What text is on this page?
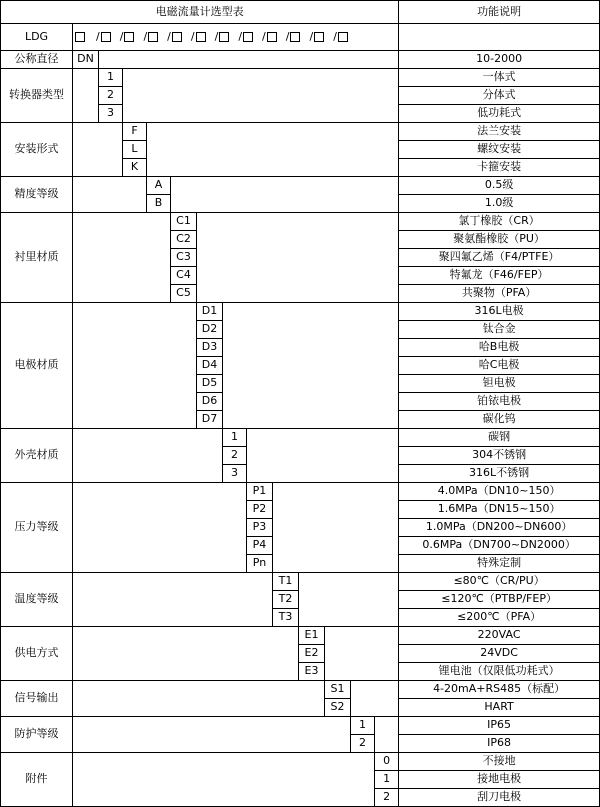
电磁流量计选型表														功能说明
LDG	/ / / / / / / / / / /

公称直径	DN													10-2000
转换器类型		1												一体式
		2												分体式
		3												低功耗式
安装形式			F											法兰安装
			L											螺纹安装
			K											卡箍安装
精度等级				A										0.5级
				B										1.0级
衬里材质					C1									氯丁橡胶（CR）
					C2									聚氨酯橡胶（PU）
					C3									聚四氟乙烯（F4/PTFE）
					C4									特氟龙（F46/FEP）
					C5									共聚物（PFA）
电极材质						D1								316L电极
						D2								钛合金
						D3								哈B电极
						D4								哈C电极
						D5								钽电极
						D6								铂铱电极
						D7								碳化钨
外壳材质							1							碳钢
							2							304不锈钢
							3							316L不锈钢
压力等级								P1						4.0MPa（DN10~150）
								P2						1.6MPa（DN15~150）
								P3						1.0MPa（DN200~DN600）
								P4						0.6MPa（DN700~DN2000）
								Pn						特殊定制
温度等级									T1					≤80℃（CR/PU）
									T2					≤120℃（PTBP/FEP）
									T3					≤200℃（PFA）
供电方式										E1				220VAC
										E2				24VDC
										E3				锂电池（仅限低功耗式）
信号输出											S1			4-20mA+RS485（标配）
											S2			HART
防护等级												1		IP65
												2		IP68
附件													0	不接地
													1	接地电极
													2	刮刀电极
